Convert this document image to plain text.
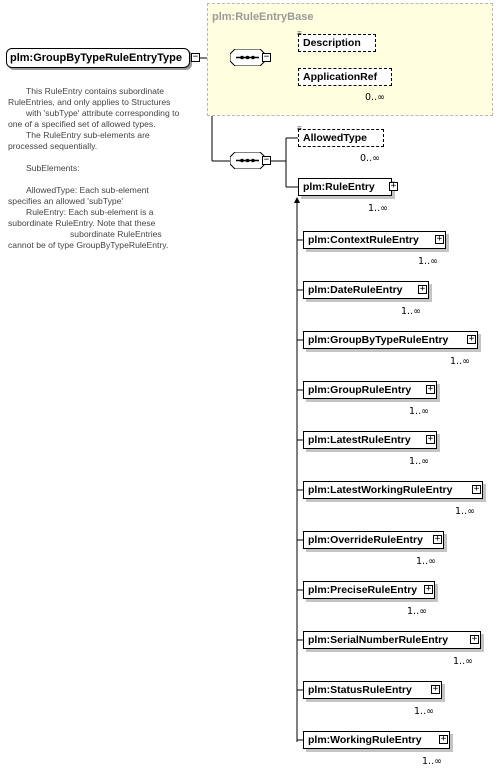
plm:RuleEntryBase
plm:GroupByTypeRuleEntryType	−

This RuleEntry contains subordinate

RuleEntries, and only applies to Structures

with 'subType' attribute corresponding to

one of a specified set of allowed types.

The RuleEntry sub-elements are

processed sequentially.

SubElements:

AllowedType: Each sub-element

specifies an allowed 'subType'

RuleEntry: Each sub-element is a

subordinate RuleEntry. Note that these

subordinate RuleEntries

cannot be of type GroupByTypeRuleEntry.

−
−
Description
≡
ApplicationRef
0..∞
AllowedType
≡
0..∞
plm:RuleEntry	+
1..∞
plm:ContextRuleEntry	+
1..∞
plm:DateRuleEntry	+
1..∞
plm:GroupByTypeRuleEntry	+
1..∞
plm:GroupRuleEntry	+
1..∞
plm:LatestRuleEntry	+
1..∞
plm:LatestWorkingRuleEntry	+
1..∞
plm:OverrideRuleEntry	+
1..∞
plm:PreciseRuleEntry +
1..∞
plm:SerialNumberRuleEntry	+
1..∞
plm:StatusRuleEntry	+
1..∞
plm:WorkingRuleEntry	+
1..∞
